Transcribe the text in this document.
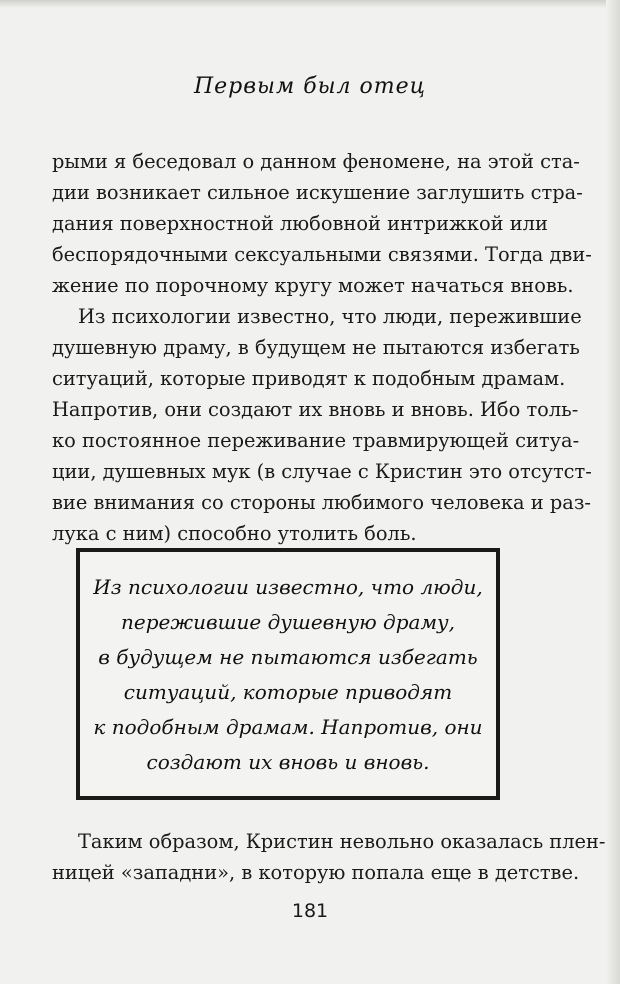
Первым был отец

рыми я беседовал о данном феномене, на этой ста-
дии возникает сильное искушение заглушить стра-
дания поверхностной любовной интрижкой или
беспорядочными сексуальными связями. Тогда дви-
жение по порочному кругу может начаться вновь.

Из психологии известно, что люди, пережившие
душевную драму, в будущем не пытаются избегать
ситуаций, которые приводят к подобным драмам.
Напротив, они создают их вновь и вновь. Ибо толь-
ко постоянное переживание травмирующей ситуа-
ции, душевных мук (в случае с Кристин это отсутст-
вие внимания со стороны любимого человека и раз-
лука с ним) способно утолить боль.

Из психологии известно, что люди,
пережившие душевную драму,
в будущем не пытаются избегать
ситуаций, которые приводят
к подобным драмам. Напротив, они
создают их вновь и вновь.
Таким образом, Кристин невольно оказалась плен-
ницей «западни», в которую попала еще в детстве.
181
